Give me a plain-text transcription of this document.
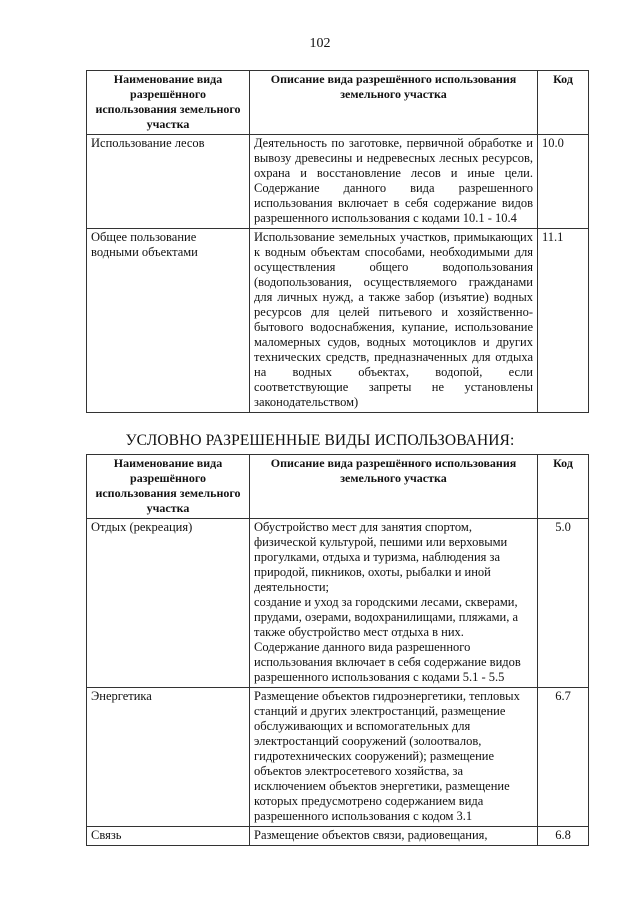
102
Наименование вида разрешённого использования земельного участка	Описание вида разрешённого использования земельного участка	Код
Использование лесов	Деятельность по заготовке, первичной обработке и вывозу древесины и недревесных лесных ресурсов, охрана и восстановление лесов и иные цели. Содержание данного вида разрешенного использования включает в себя содержание видов разрешенного использования с кодами 10.1 - 10.4	10.0
Общее пользование водными объектами	Использование земельных участков, примыкающих к водным объектам способами, необходимыми для осуществления общего водопользования (водопользования, осуществляемого гражданами для личных нужд, а также забор (изъятие) водных ресурсов для целей питьевого и хозяйственно-бытового водоснабжения, купание, использование маломерных судов, водных мотоциклов и других технических средств, предназначенных для отдыха на водных объектах, водопой, если соответствующие запреты не установлены законодательством)	11.1
УСЛОВНО РАЗРЕШЕННЫЕ ВИДЫ ИСПОЛЬЗОВАНИЯ:
Наименование вида разрешённого использования земельного участка	Описание вида разрешённого использования земельного участка	Код
Отдых (рекреация)	Обустройство мест для занятия спортом, физической культурой, пешими или верховыми прогулками, отдыха и туризма, наблюдения за природой, пикников, охоты, рыбалки и иной деятельности;
создание и уход за городскими лесами, скверами, прудами, озерами, водохранилищами, пляжами, а также обустройство мест отдыха в них.
Содержание данного вида разрешенного использования включает в себя содержание видов разрешенного использования с кодами 5.1 - 5.5	5.0
Энергетика	Размещение объектов гидроэнергетики, тепловых станций и других электростанций, размещение обслуживающих и вспомогательных для электростанций сооружений (золоотвалов, гидротехнических сооружений); размещение объектов электросетевого хозяйства, за исключением объектов энергетики, размещение которых предусмотрено содержанием вида разрешенного использования с кодом 3.1	6.7
Связь	Размещение объектов связи, радиовещания,	6.8
